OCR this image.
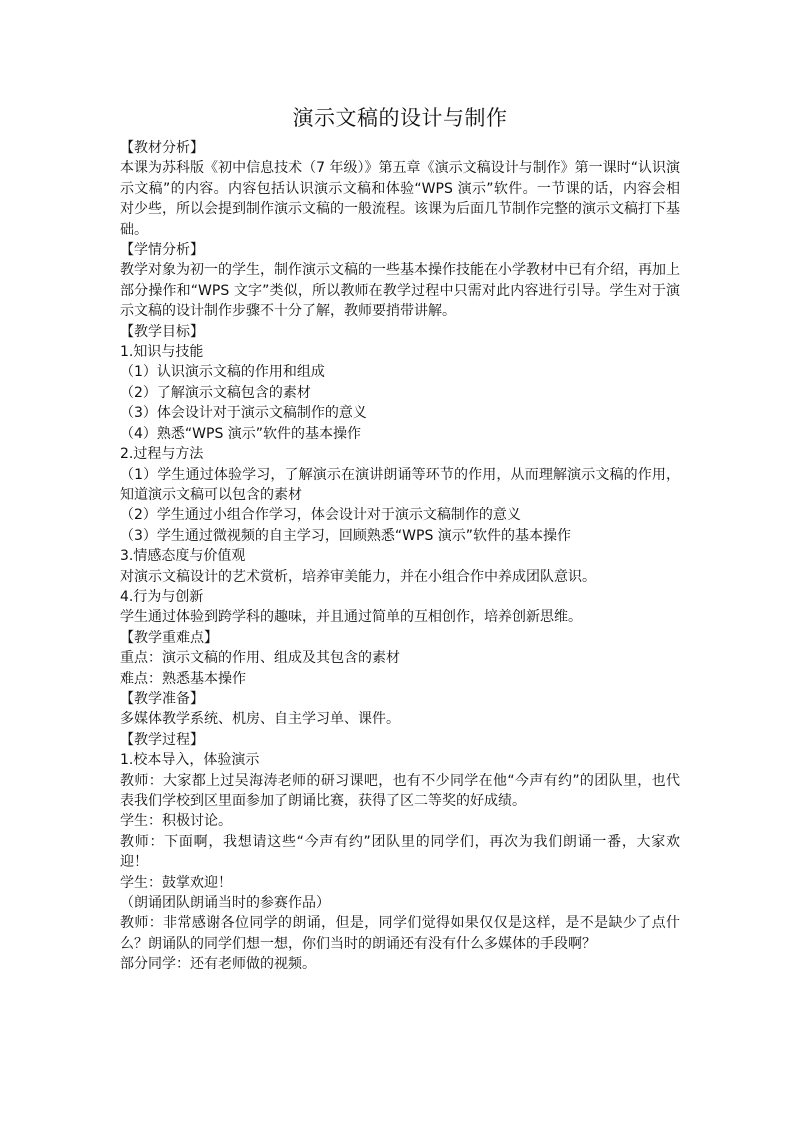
演示文稿的设计与制作

【教材分析】

本课为苏科版《初中信息技术（7 年级）》第五章《演示文稿设计与制作》第一课时“认识演示文稿”的内容。内容包括认识演示文稿和体验“WPS 演示”软件。一节课的话，内容会相对少些，所以会提到制作演示文稿的一般流程。该课为后面几节制作完整的演示文稿打下基础。

【学情分析】

教学对象为初一的学生，制作演示文稿的一些基本操作技能在小学教材中已有介绍，再加上部分操作和“WPS 文字”类似，所以教师在教学过程中只需对此内容进行引导。学生对于演示文稿的设计制作步骤不十分了解，教师要捎带讲解。

【教学目标】

1.知识与技能

（1）认识演示文稿的作用和组成

（2）了解演示文稿包含的素材

（3）体会设计对于演示文稿制作的意义

（4）熟悉“WPS 演示”软件的基本操作

2.过程与方法

（1）学生通过体验学习，了解演示在演讲朗诵等环节的作用，从而理解演示文稿的作用，知道演示文稿可以包含的素材

（2）学生通过小组合作学习，体会设计对于演示文稿制作的意义

（3）学生通过微视频的自主学习，回顾熟悉“WPS 演示”软件的基本操作

3.情感态度与价值观

对演示文稿设计的艺术赏析，培养审美能力，并在小组合作中养成团队意识。

4.行为与创新

学生通过体验到跨学科的趣味，并且通过简单的互相创作，培养创新思维。

【教学重难点】

重点：演示文稿的作用、组成及其包含的素材

难点：熟悉基本操作

【教学准备】

多媒体教学系统、机房、自主学习单、课件。

【教学过程】

1.校本导入，体验演示

教师：大家都上过吴海涛老师的研习课吧，也有不少同学在他“今声有约”的团队里，也代表我们学校到区里面参加了朗诵比赛，获得了区二等奖的好成绩。

学生：积极讨论。

教师：下面啊，我想请这些“今声有约”团队里的同学们，再次为我们朗诵一番，大家欢迎！

学生：鼓掌欢迎！

（朗诵团队朗诵当时的参赛作品）

教师：非常感谢各位同学的朗诵，但是，同学们觉得如果仅仅是这样，是不是缺少了点什么？朗诵队的同学们想一想，你们当时的朗诵还有没有什么多媒体的手段啊？

部分同学：还有老师做的视频。
